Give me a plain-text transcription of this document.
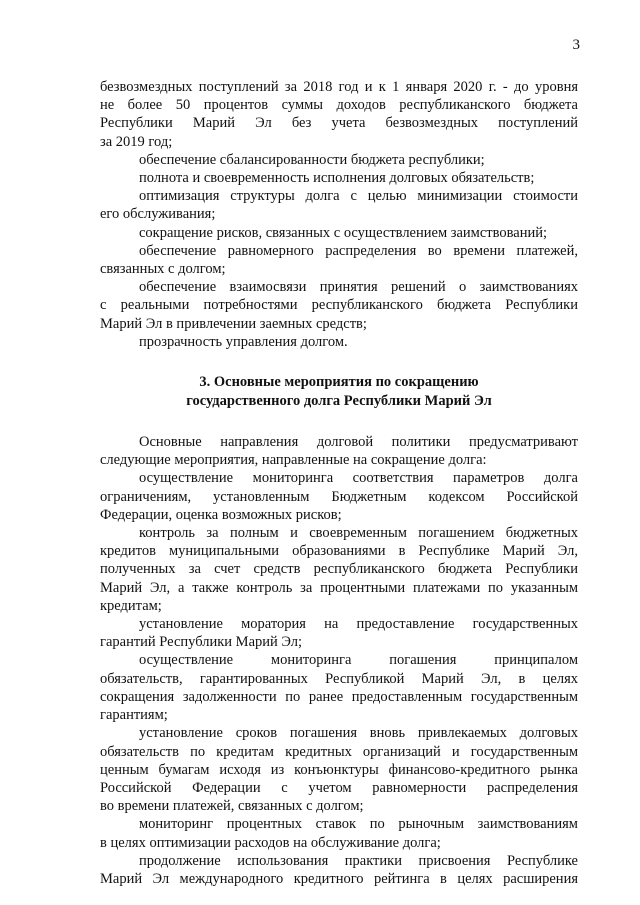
3

безвозмездных поступлений за 2018 год и к 1 января 2020 г. - до уровня

не более 50 процентов суммы доходов республиканского бюджета

Республики Марий Эл без учета безвозмездных поступлений

за 2019 год;

обеспечение сбалансированности бюджета республики;

полнота и своевременность исполнения долговых обязательств;

оптимизация структуры долга с целью минимизации стоимости

его обслуживания;

сокращение рисков, связанных с осуществлением заимствований;

обеспечение равномерного распределения во времени платежей,

связанных с долгом;

обеспечение взаимосвязи принятия решений о заимствованиях

с реальными потребностями республиканского бюджета Республики

Марий Эл в привлечении заемных средств;

прозрачность управления долгом.

3. Основные мероприятия по сокращению
государственного долга Республики Марий Эл

Основные направления долговой политики предусматривают

следующие мероприятия, направленные на сокращение долга:

осуществление мониторинга соответствия параметров долга

ограничениям, установленным Бюджетным кодексом Российской

Федерации, оценка возможных рисков;

контроль за полным и своевременным погашением бюджетных

кредитов муниципальными образованиями в Республике Марий Эл,

полученных за счет средств республиканского бюджета Республики

Марий Эл, а также контроль за процентными платежами по указанным

кредитам;

установление моратория на предоставление государственных

гарантий Республики Марий Эл;

осуществление мониторинга погашения принципалом

обязательств, гарантированных Республикой Марий Эл, в целях

сокращения задолженности по ранее предоставленным государственным

гарантиям;

установление сроков погашения вновь привлекаемых долговых

обязательств по кредитам кредитных организаций и государственным

ценным бумагам исходя из конъюнктуры финансово-кредитного рынка

Российской Федерации с учетом равномерности распределения

во времени платежей, связанных с долгом;

мониторинг процентных ставок по рыночным заимствованиям

в целях оптимизации расходов на обслуживание долга;

продолжение использования практики присвоения Республике

Марий Эл международного кредитного рейтинга в целях расширения
